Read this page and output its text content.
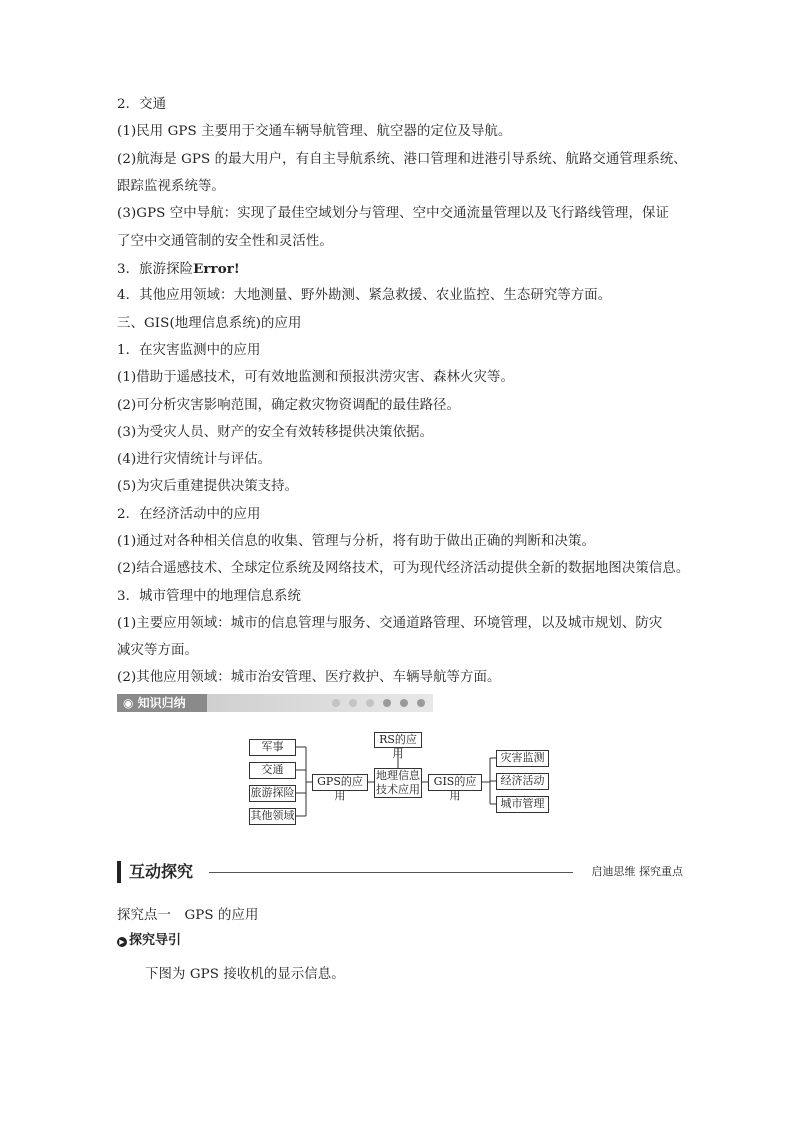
2．交通
(1)民用 GPS 主要用于交通车辆导航管理、航空器的定位及导航。
(2)航海是 GPS 的最大用户，有自主导航系统、港口管理和进港引导系统、航路交通管理系统、
跟踪监视系统等。
(3)GPS 空中导航：实现了最佳空域划分与管理、空中交通流量管理以及飞行路线管理，保证
了空中交通管制的安全性和灵活性。
3．旅游探险Error!
4．其他应用领域：大地测量、野外勘测、紧急救援、农业监控、生态研究等方面。
三、GIS(地理信息系统)的应用
1．在灾害监测中的应用
(1)借助于遥感技术，可有效地监测和预报洪涝灾害、森林火灾等。
(2)可分析灾害影响范围，确定救灾物资调配的最佳路径。
(3)为受灾人员、财产的安全有效转移提供决策依据。
(4)进行灾情统计与评估。
(5)为灾后重建提供决策支持。
2．在经济活动中的应用
(1)通过对各种相关信息的收集、管理与分析，将有助于做出正确的判断和决策。
(2)结合遥感技术、全球定位系统及网络技术，可为现代经济活动提供全新的数据地图决策信息。
3．城市管理中的地理信息系统
(1)主要应用领域：城市的信息管理与服务、交通道路管理、环境管理，以及城市规划、防灾
减灾等方面。
(2)其他应用领域：城市治安管理、医疗救护、车辆导航等方面。
◉ 知识归纳
军事
交通
旅游探险
其他领域
GPS的应用
RS的应用
地理信息
技术应用
GIS的应用
灾害监测
经济活动
城市管理
互动探究	启迪思维 探究重点
探究点一　GPS 的应用
▶ 探究导引
下图为 GPS 接收机的显示信息。
